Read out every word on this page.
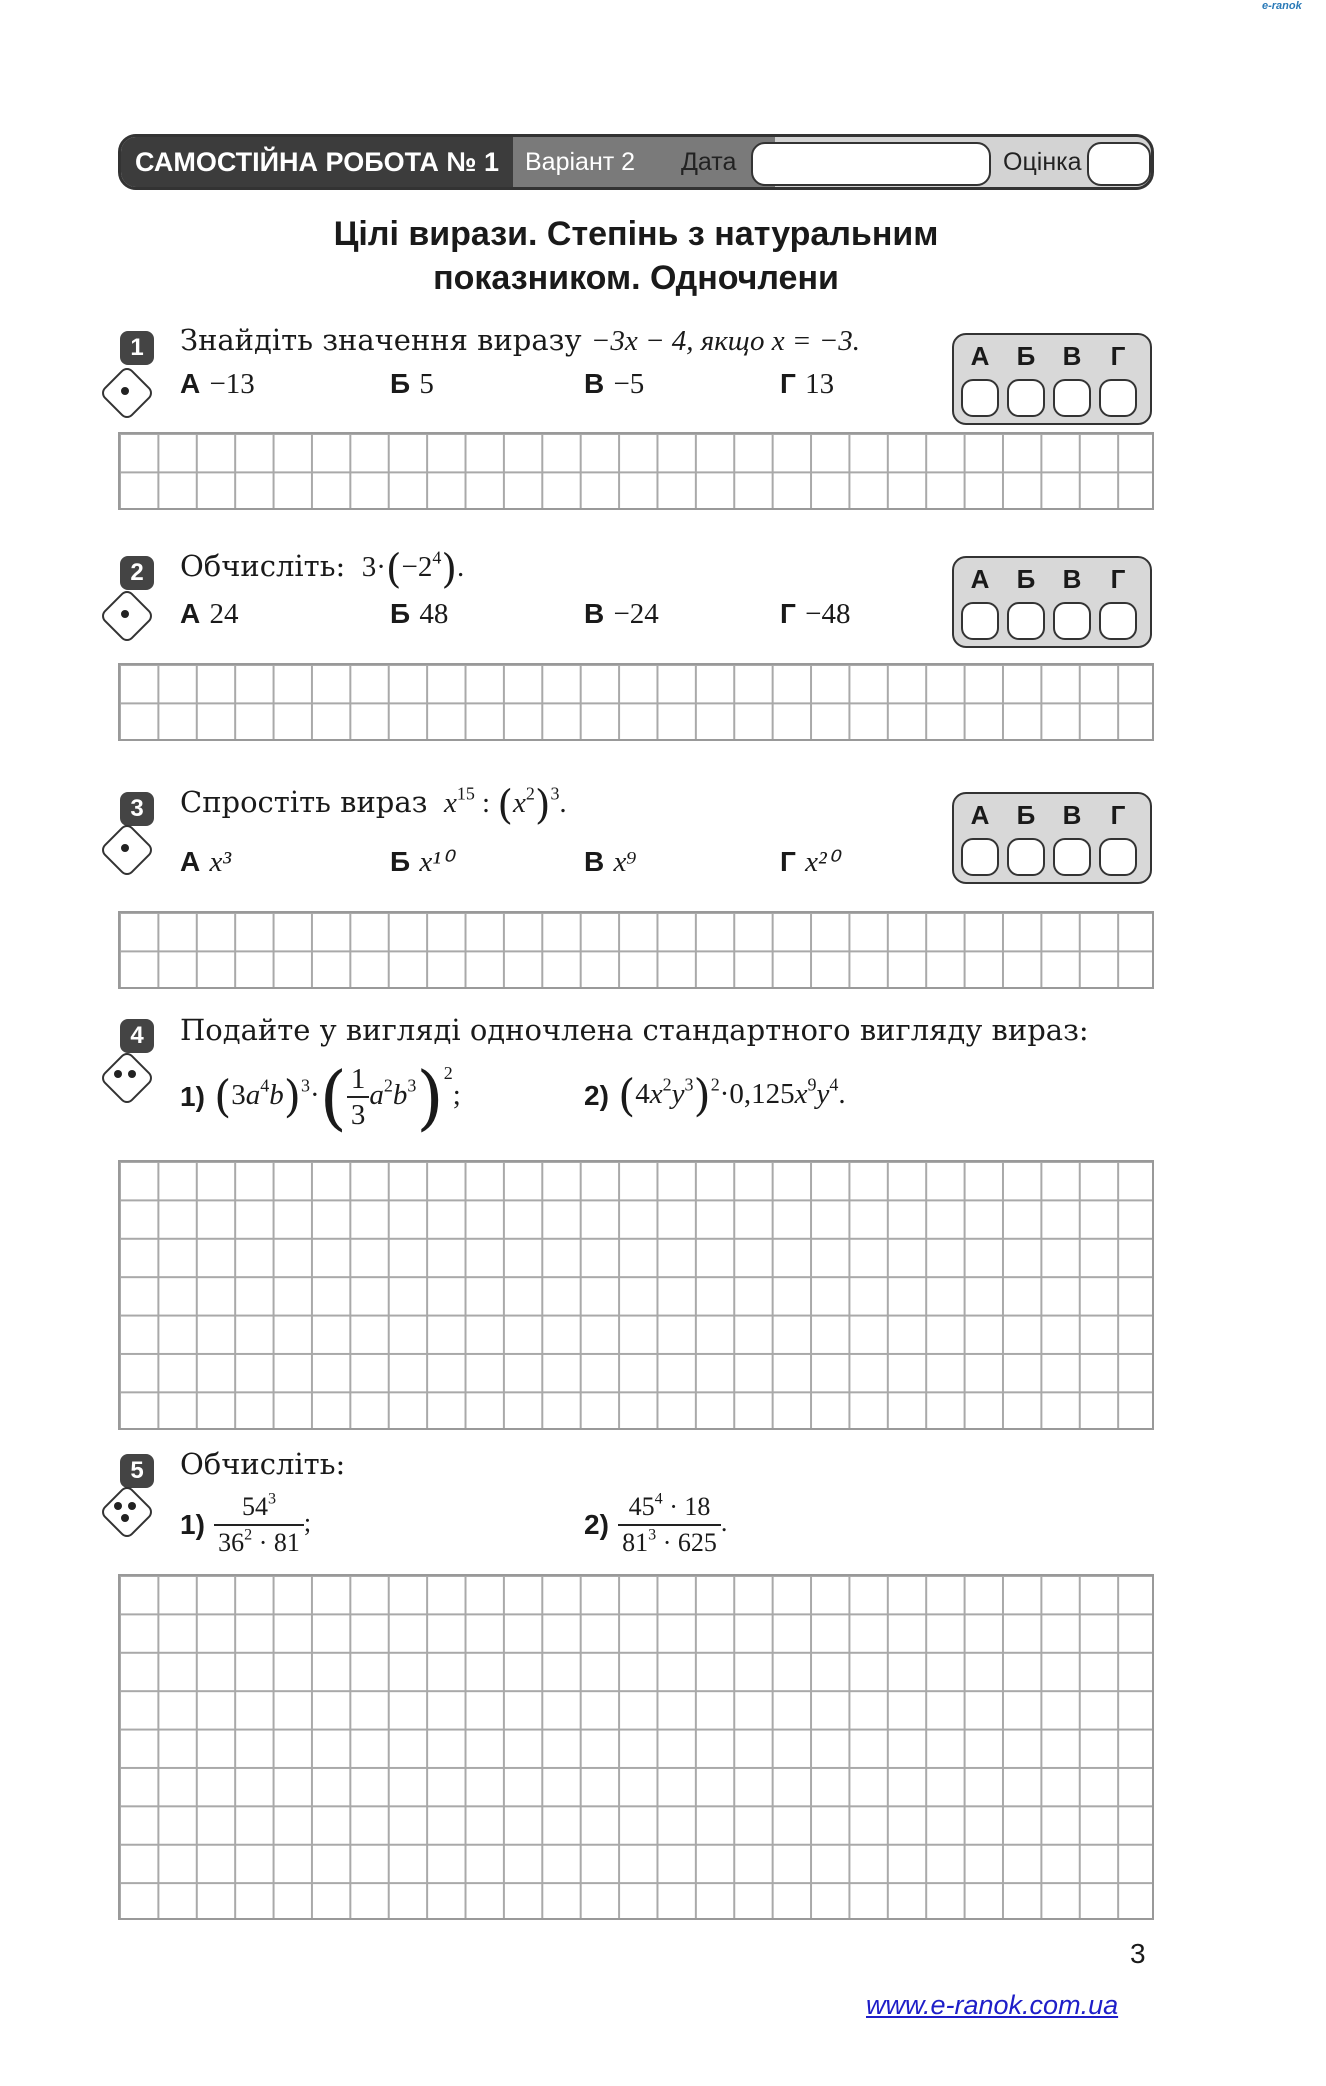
e-ranok
САМОСТІЙНА РОБОТА № 1	Варіант 2	Дата	Оцінка
Цілі вирази. Степінь з натуральним
показником. Одночлени
1	Знайдіть значення виразу −3x − 4, якщо x = −3.
А −13	Б 5	В −5	Г 13
А	Б	В	Г
2	Обчисліть:  $3\cdot(-2^4)$.
А 24	Б 48	В −24	Г −48
А	Б	В	Г
3	Спростіть вираз  $x^{15}$ : $(x^2)^3$.
А x³	Б x¹⁰	В x⁹	Г x²⁰
А	Б	В	Г
4	Подайте у вигляді одночлена стандартного вигляду вираз:
1) $(3a^4b)^3\cdot( \frac{1}{3} a^2b^3)^2$;	2) $(4x^2y^3)^2\cdot 0,125x^9y^4$.
5	Обчисліть:
$1) \frac{54^3}{36^2 \cdot 81}$ ;	$2) \frac{45^4 \cdot 18}{81^3 \cdot 625}$ .
3
www.e-ranok.com.ua
